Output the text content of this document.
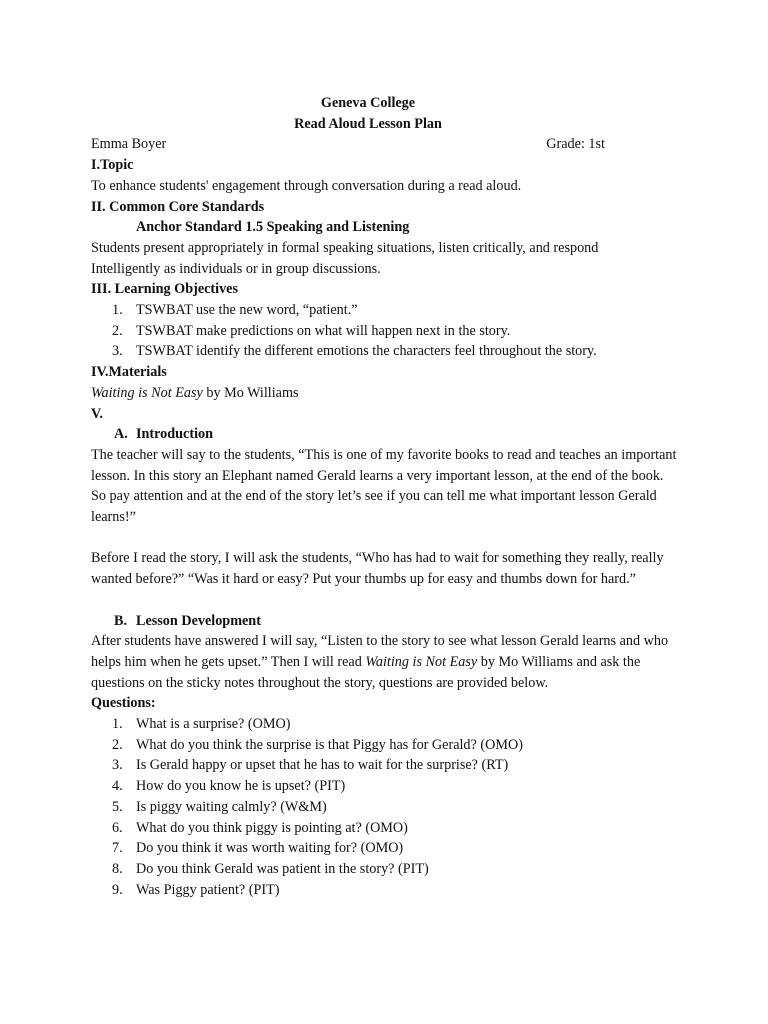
Geneva College
Read Aloud Lesson Plan
Emma Boyer	Grade: 1st
I.Topic
To enhance students' engagement through conversation during a read aloud.
II. Common Core Standards
Anchor Standard 1.5 Speaking and Listening
Students present appropriately in formal speaking situations, listen critically, and respond
Intelligently as individuals or in group discussions.
III. Learning Objectives
1. TSWBAT use the new word, “patient.”
2. TSWBAT make predictions on what will happen next in the story.
3. TSWBAT identify the different emotions the characters feel throughout the story.
IV.Materials
Waiting is Not Easy by Mo Williams
V.
A. Introduction

The teacher will say to the students, “This is one of my favorite books to read and teaches an important lesson. In this story an Elephant named Gerald learns a very important lesson, at the end of the book. So pay attention and at the end of the story let’s see if you can tell me what important lesson Gerald learns!”

Before I read the story, I will ask the students, “Who has had to wait for something they really, really wanted before?” “Was it hard or easy? Put your thumbs up for easy and thumbs down for hard.”

B. Lesson Development

After students have answered I will say, “Listen to the story to see what lesson Gerald learns and who helps him when he gets upset.” Then I will read Waiting is Not Easy by Mo Williams and ask the questions on the sticky notes throughout the story, questions are provided below.

Questions:
1. What is a surprise? (OMO)
2. What do you think the surprise is that Piggy has for Gerald? (OMO)
3. Is Gerald happy or upset that he has to wait for the surprise? (RT)
4. How do you know he is upset? (PIT)
5. Is piggy waiting calmly? (W&M)
6. What do you think piggy is pointing at? (OMO)
7. Do you think it was worth waiting for? (OMO)
8. Do you think Gerald was patient in the story? (PIT)
9. Was Piggy patient? (PIT)
